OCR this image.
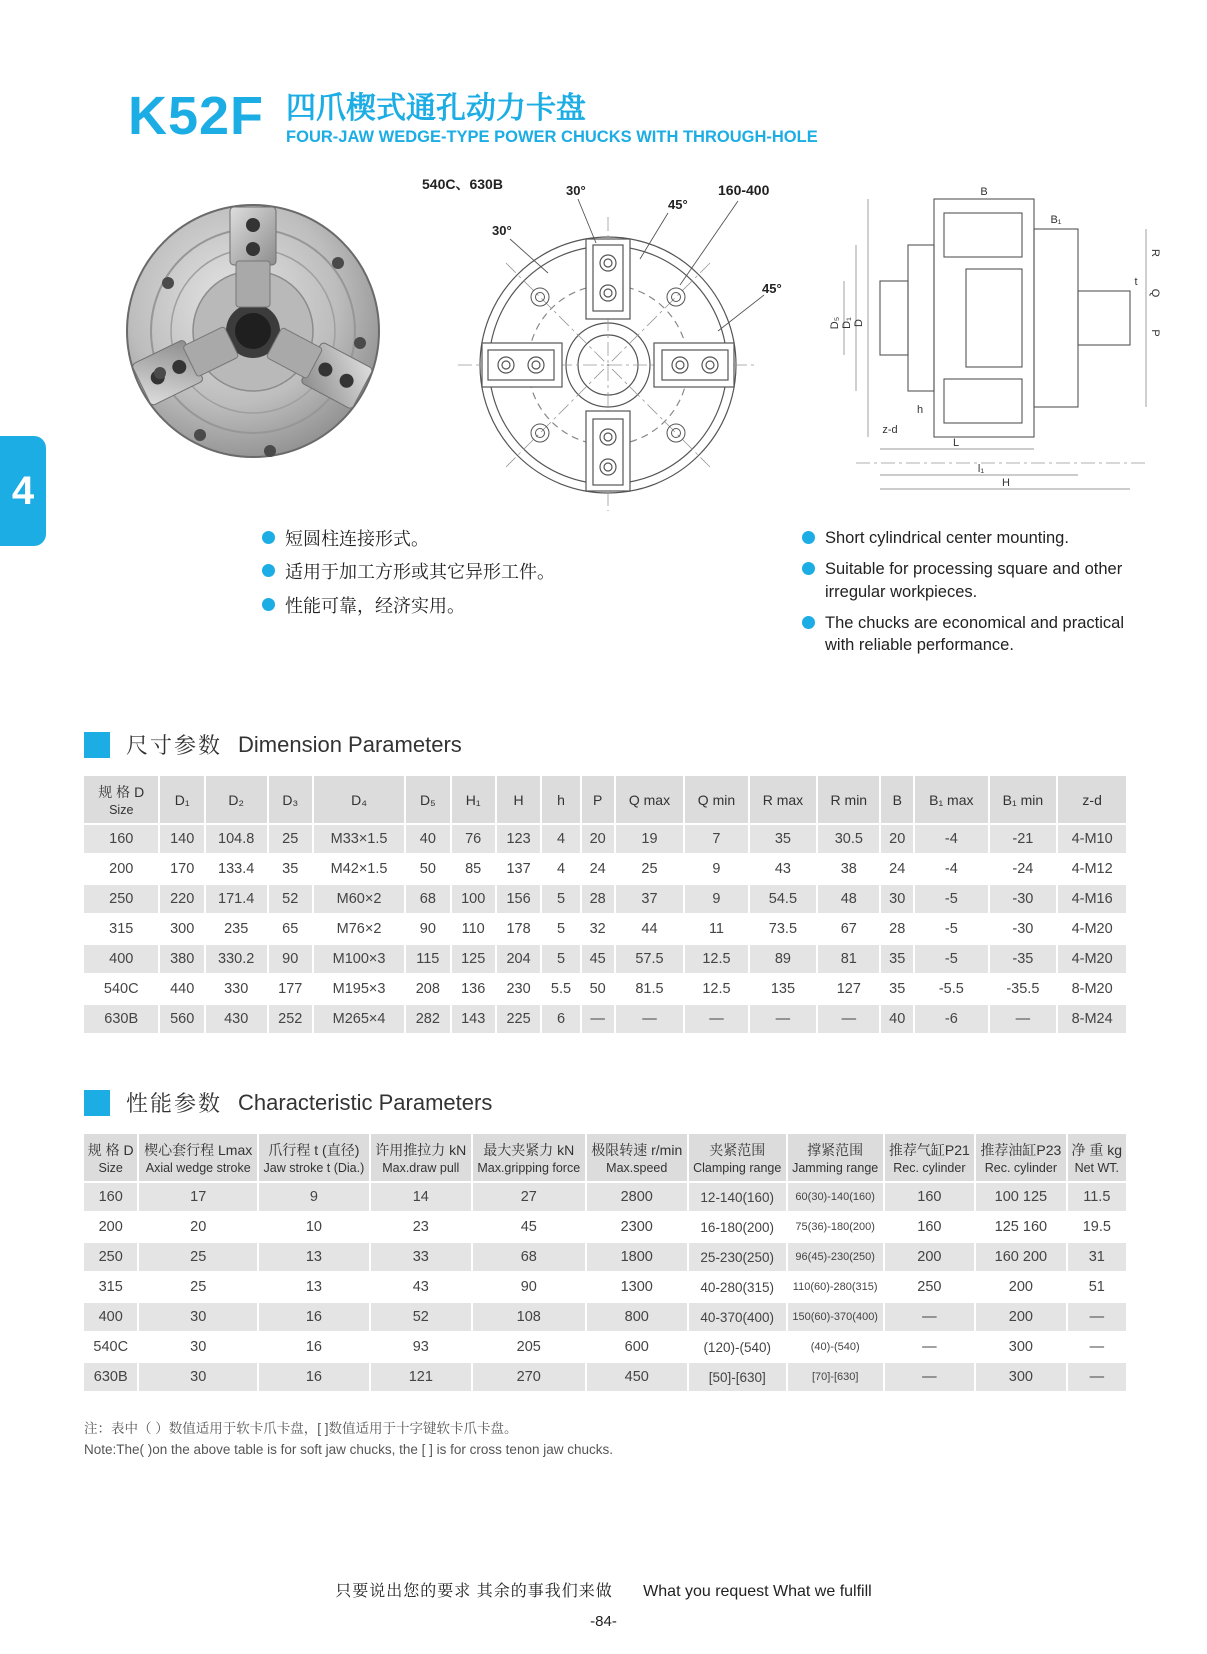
4
K52F 四爪楔式通孔动力卡盘
FOUR-JAW WEDGE-TYPE POWER CHUCKS WITH THROUGH-HOLE
540C、630B	30°
45°
30°
160-400
45°
D
D₁
D₅
R
Q
P
B
B₁
t
h
z-d
L
l₁
H
短圆柱连接形式。
适用于加工方形或其它异形工件。
性能可靠，经济实用。
Short cylindrical center mounting.
Suitable for processing square and other irregular workpieces.
The chucks are economical and practical with reliable performance.
尺寸参数 Dimension Parameters
规 格 D
Size	D₁	D₂	D₃	D₄	D₅	H₁	H	h	P	Q max	Q min	R max	R min	B	B₁ max	B₁ min	z-d
160	140	104.8	25	M33×1.5	40	76	123	4	20	19	7	35	30.5	20	-4	-21	4-M10
200	170	133.4	35	M42×1.5	50	85	137	4	24	25	9	43	38	24	-4	-24	4-M12
250	220	171.4	52	M60×2	68	100	156	5	28	37	9	54.5	48	30	-5	-30	4-M16
315	300	235	65	M76×2	90	110	178	5	32	44	11	73.5	67	28	-5	-30	4-M20
400	380	330.2	90	M100×3	115	125	204	5	45	57.5	12.5	89	81	35	-5	-35	4-M20
540C	440	330	177	M195×3	208	136	230	5.5	50	81.5	12.5	135	127	35	-5.5	-35.5	8-M20
630B	560	430	252	M265×4	282	143	225	6	—	—	—	—	—	40	-6	—	8-M24
性能参数 Characteristic Parameters
规 格 D
Size

楔心套行程 Lmax
Axial wedge stroke

爪行程 t (直径)
Jaw stroke t (Dia.)

许用推拉力 kN
Max.draw pull

最大夹紧力 kN
Max.gripping force

极限转速 r/min
Max.speed

夹紧范围
Clamping range

撑紧范围
Jamming range

推荐气缸P21
Rec. cylinder

推荐油缸P23
Rec. cylinder

净 重 kg
Net WT.

160	17	9	14	27	2800	12-140(160)	60(30)-140(160)	160	100 125	11.5
200	20	10	23	45	2300	16-180(200)	75(36)-180(200)	160	125 160	19.5
250	25	13	33	68	1800	25-230(250)	96(45)-230(250)	200	160 200	31
315	25	13	43	90	1300	40-280(315)	110(60)-280(315)	250	200	51
400	30	16	52	108	800	40-370(400)	150(60)-370(400)	—	200	—
540C	30	16	93	205	600	(120)-(540)	(40)-(540)	—	300	—
630B	30	16	121	270	450	[50]-[630]	[70]-[630]	—	300	—
注：表中（ ）数值适用于软卡爪卡盘，[ ]数值适用于十字键软卡爪卡盘。
Note:The( )on the above table is for soft jaw chucks, the [ ] is for cross tenon jaw chucks.
只要说出您的要求 其余的事我们来做 What you request What we fulfill
-84-
